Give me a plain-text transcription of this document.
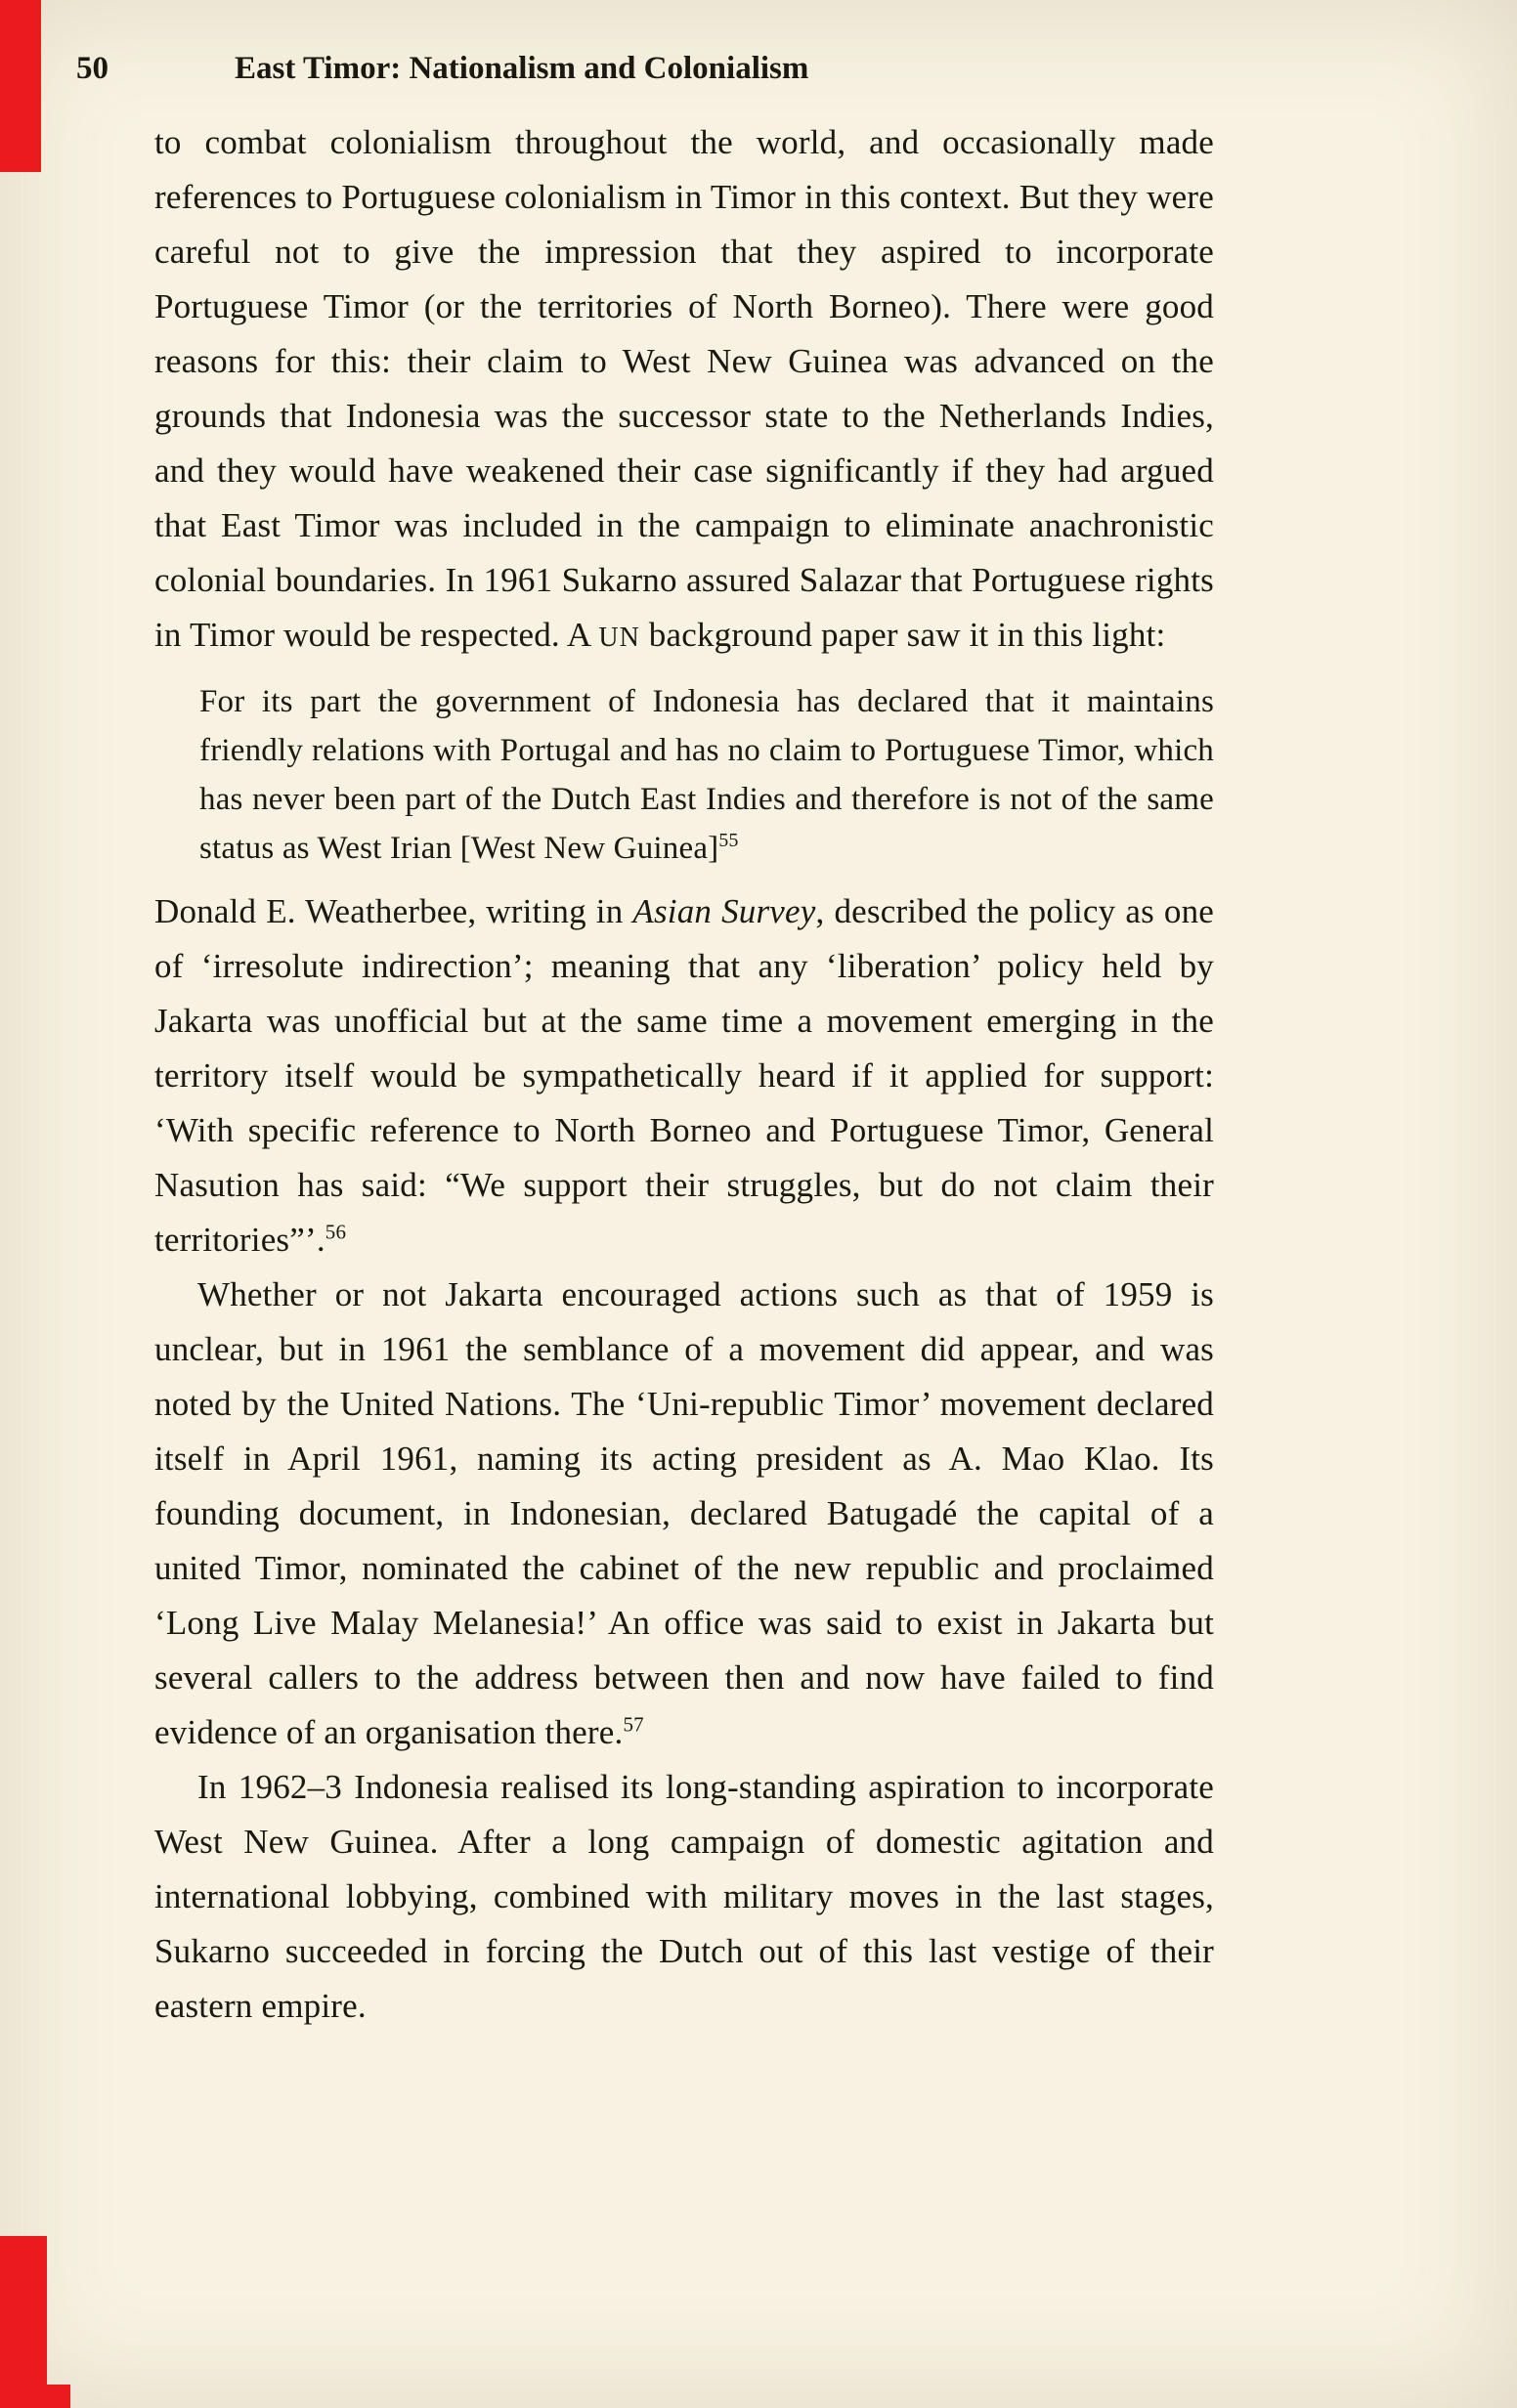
50	East Timor: Nationalism and Colonialism

to combat colonialism throughout the world, and occasionally made references to Portuguese colonialism in Timor in this context. But they were careful not to give the impression that they aspired to incorporate Portuguese Timor (or the territories of North Borneo). There were good reasons for this: their claim to West New Guinea was advanced on the grounds that Indonesia was the successor state to the Netherlands Indies, and they would have weakened their case significantly if they had argued that East Timor was included in the campaign to eliminate anachronistic colonial boundaries. In 1961 Sukarno assured Salazar that Portuguese rights in Timor would be respected. A UN background paper saw it in this light:

For its part the government of Indonesia has declared that it maintains friendly relations with Portugal and has no claim to Portuguese Timor, which has never been part of the Dutch East Indies and therefore is not of the same status as West Irian [West New Guinea]$^{55}$

Donald E. Weatherbee, writing in Asian Survey, described the policy as one of ‘irresolute indirection’; meaning that any ‘liberation’ policy held by Jakarta was unofficial but at the same time a movement emerging in the territory itself would be sympathetically heard if it applied for support: ‘With specific reference to North Borneo and Portuguese Timor, General Nasution has said: “We support their struggles, but do not claim their territories”’.$^{56}$

Whether or not Jakarta encouraged actions such as that of 1959 is unclear, but in 1961 the semblance of a movement did appear, and was noted by the United Nations. The ‘Uni-republic Timor’ movement declared itself in April 1961, naming its acting president as A. Mao Klao. Its founding document, in Indonesian, declared Batugadé the capital of a united Timor, nominated the cabinet of the new republic and proclaimed ‘Long Live Malay Melanesia!’ An office was said to exist in Jakarta but several callers to the address between then and now have failed to find evidence of an organisation there.$^{57}$

In 1962–3 Indonesia realised its long-standing aspiration to incorporate West New Guinea. After a long campaign of domestic agitation and international lobbying, combined with military moves in the last stages, Sukarno succeeded in forcing the Dutch out of this last vestige of their eastern empire.
